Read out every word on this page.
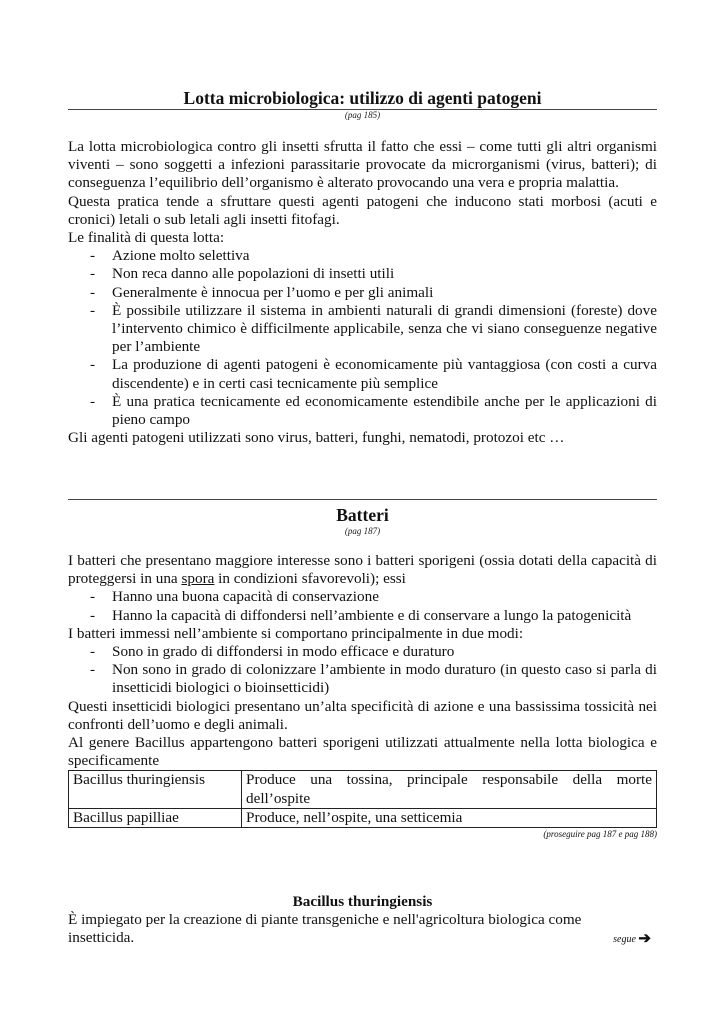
Lotta microbiologica: utilizzo di agenti patogeni
(pag 185)

La lotta microbiologica contro gli insetti sfrutta il fatto che essi – come tutti gli altri organismi viventi – sono soggetti a infezioni parassitarie provocate da microrganismi (virus, batteri); di conseguenza l’equilibrio dell’organismo è alterato provocando una vera e propria malattia.

Questa pratica tende a sfruttare questi agenti patogeni che inducono stati morbosi (acuti e cronici) letali o sub letali agli insetti fitofagi.

Le finalità di questa lotta:

- Azione molto selettiva
- Non reca danno alle popolazioni di insetti utili
- Generalmente è innocua per l’uomo e per gli animali
- È possibile utilizzare il sistema in ambienti naturali di grandi dimensioni (foreste) dove l’intervento chimico è difficilmente applicabile, senza che vi siano conseguenze negative per l’ambiente
- La produzione di agenti patogeni è economicamente più vantaggiosa (con costi a curva discendente) e in certi casi tecnicamente più semplice
- È una pratica tecnicamente ed economicamente estendibile anche per le applicazioni di pieno campo

Gli agenti patogeni utilizzati sono virus, batteri, funghi, nematodi, protozoi etc …

Batteri
(pag 187)

I batteri che presentano maggiore interesse sono i batteri sporigeni (ossia dotati della capacità di proteggersi in una spora in condizioni sfavorevoli); essi

- Hanno una buona capacità di conservazione
- Hanno la capacità di diffondersi nell’ambiente e di conservare a lungo la patogenicità

I batteri immessi nell’ambiente si comportano principalmente in due modi:

- Sono in grado di diffondersi in modo efficace e duraturo
- Non sono in grado di colonizzare l’ambiente in modo duraturo (in questo caso si parla di insetticidi biologici o bioinsetticidi)

Questi insetticidi biologici presentano un’alta specificità di azione e una bassissima tossicità nei confronti dell’uomo e degli animali.

Al genere Bacillus appartengono batteri sporigeni utilizzati attualmente nella lotta biologica e specificamente

Bacillus thuringiensis	Produce una tossina, principale responsabile della morte dell’ospite
Bacillus papilliae	Produce, nell’ospite, una setticemia
(proseguire pag 187 e pag 188)
Bacillus thuringiensis

È impiegato per la creazione di piante transgeniche e nell'agricoltura biologica come

insetticida.	segue ➔
